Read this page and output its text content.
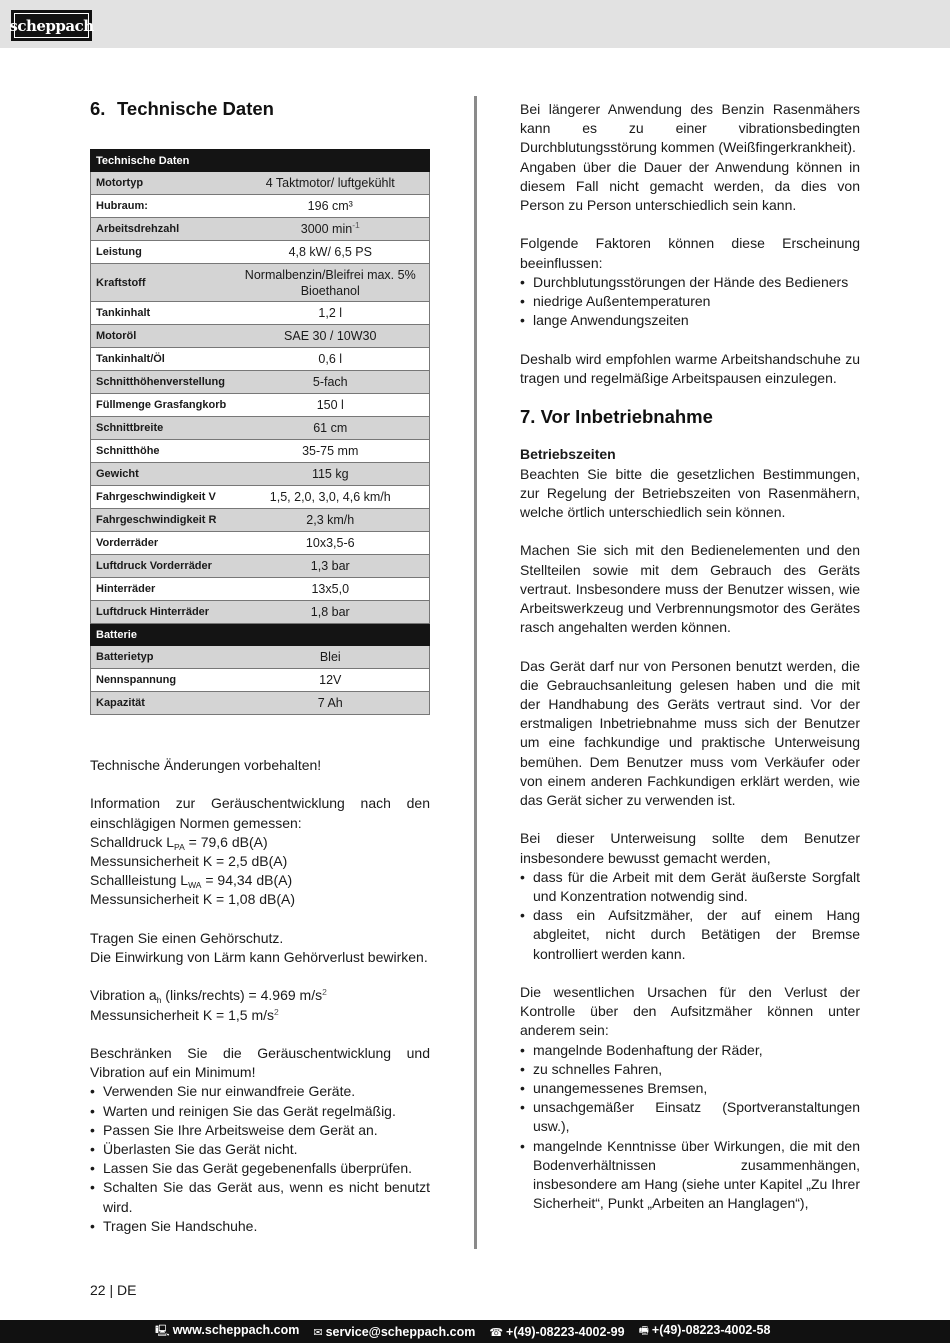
scheppach
6. Technische Daten
Technische Daten	
Motortyp	4 Taktmotor/ luftgekühlt
Hubraum:	196 cm³
Arbeitsdrehzahl	3000 $\min^{-1}$
Leistung	4,8 kW/ 6,5 PS
Kraftstoff	Normalbenzin/Bleifrei max. 5% Bioethanol
Tankinhalt	1,2 l
Motoröl	SAE 30 / 10W30
Tankinhalt/Öl	0,6 l
Schnitthöhenverstellung	5-fach
Füllmenge Grasfangkorb	150 l
Schnittbreite	61 cm
Schnitthöhe	35-75 mm
Gewicht	115 kg
Fahrgeschwindigkeit V	1,5, 2,0, 3,0, 4,6 km/h
Fahrgeschwindigkeit R	2,3 km/h
Vorderräder	10x3,5-6
Luftdruck Vorderräder	1,3 bar
Hinterräder	13x5,0
Luftdruck Hinterräder	1,8 bar
Batterie	
Batterietyp	Blei
Nennspannung	12V
Kapazität	7 Ah

Technische Änderungen vorbehalten!

Information zur Geräuschentwicklung nach den einschlägigen Normen gemessen:

Schalldruck $L_{PA} = 79,6$ dB(A)

Messunsicherheit K = 2,5 dB(A)

Schallleistung $L_{WA} = 94,34$ dB(A)

Messunsicherheit K = 1,08 dB(A)

Tragen Sie einen Gehörschutz.

Die Einwirkung von Lärm kann Gehörverlust bewirken.

Vibration $a_h$ (links/rechts) = 4.969 $m/s^2$

Messunsicherheit K = 1,5 $m/s^2$

Beschränken Sie die Geräuschentwicklung und Vibration auf ein Minimum!

• Verwenden Sie nur einwandfreie Geräte.
• Warten und reinigen Sie das Gerät regelmäßig.
• Passen Sie Ihre Arbeitsweise dem Gerät an.
• Überlasten Sie das Gerät nicht.
• Lassen Sie das Gerät gegebenenfalls überprüfen.
• Schalten Sie das Gerät aus, wenn es nicht benutzt wird.
• Tragen Sie Handschuhe.

Bei längerer Anwendung des Benzin Rasenmähers kann es zu einer vibrationsbedingten Durchblutungsstörung kommen (Weißfingerkrankheit).

Angaben über die Dauer der Anwendung können in diesem Fall nicht gemacht werden, da dies von Person zu Person unterschiedlich sein kann.

Folgende Faktoren können diese Erscheinung beeinflussen:

• Durchblutungsstörungen der Hände des Bedieners
• niedrige Außentemperaturen
• lange Anwendungszeiten

Deshalb wird empfohlen warme Arbeitshandschuhe zu tragen und regelmäßige Arbeitspausen einzulegen.

7. Vor Inbetriebnahme

Betriebszeiten

Beachten Sie bitte die gesetzlichen Bestimmungen, zur Regelung der Betriebszeiten von Rasenmähern, welche örtlich unterschiedlich sein können.

Machen Sie sich mit den Bedienelementen und den Stellteilen sowie mit dem Gebrauch des Geräts vertraut. Insbesondere muss der Benutzer wissen, wie Arbeitswerkzeug und Verbrennungsmotor des Gerätes rasch angehalten werden können.

Das Gerät darf nur von Personen benutzt werden, die die Gebrauchsanleitung gelesen haben und die mit der Handhabung des Geräts vertraut sind. Vor der erstmaligen Inbetriebnahme muss sich der Benutzer um eine fachkundige und praktische Unterweisung bemühen. Dem Benutzer muss vom Verkäufer oder von einem anderen Fachkundigen erklärt werden, wie das Gerät sicher zu verwenden ist.

Bei dieser Unterweisung sollte dem Benutzer insbesondere bewusst gemacht werden,

• dass für die Arbeit mit dem Gerät äußerste Sorgfalt und Konzentration notwendig sind.
• dass ein Aufsitzmäher, der auf einem Hang abgleitet, nicht durch Betätigen der Bremse kontrolliert werden kann.

Die wesentlichen Ursachen für den Verlust der Kontrolle über den Aufsitzmäher können unter anderem sein:

• mangelnde Bodenhaftung der Räder,
• zu schnelles Fahren,
• unangemessenes Bremsen,
• unsachgemäßer Einsatz (Sportveranstaltungen usw.),
• mangelnde Kenntnisse über Wirkungen, die mit den Bodenverhältnissen zusammenhängen, insbesondere am Hang (siehe unter Kapitel „Zu Ihrer Sicherheit“, Punkt „Arbeiten an Hanglagen“),
22 | DE
🖳 www.scheppach.com ✉ service@scheppach.com ☎ +(49)-08223-4002-99 🖷 +(49)-08223-4002-58
